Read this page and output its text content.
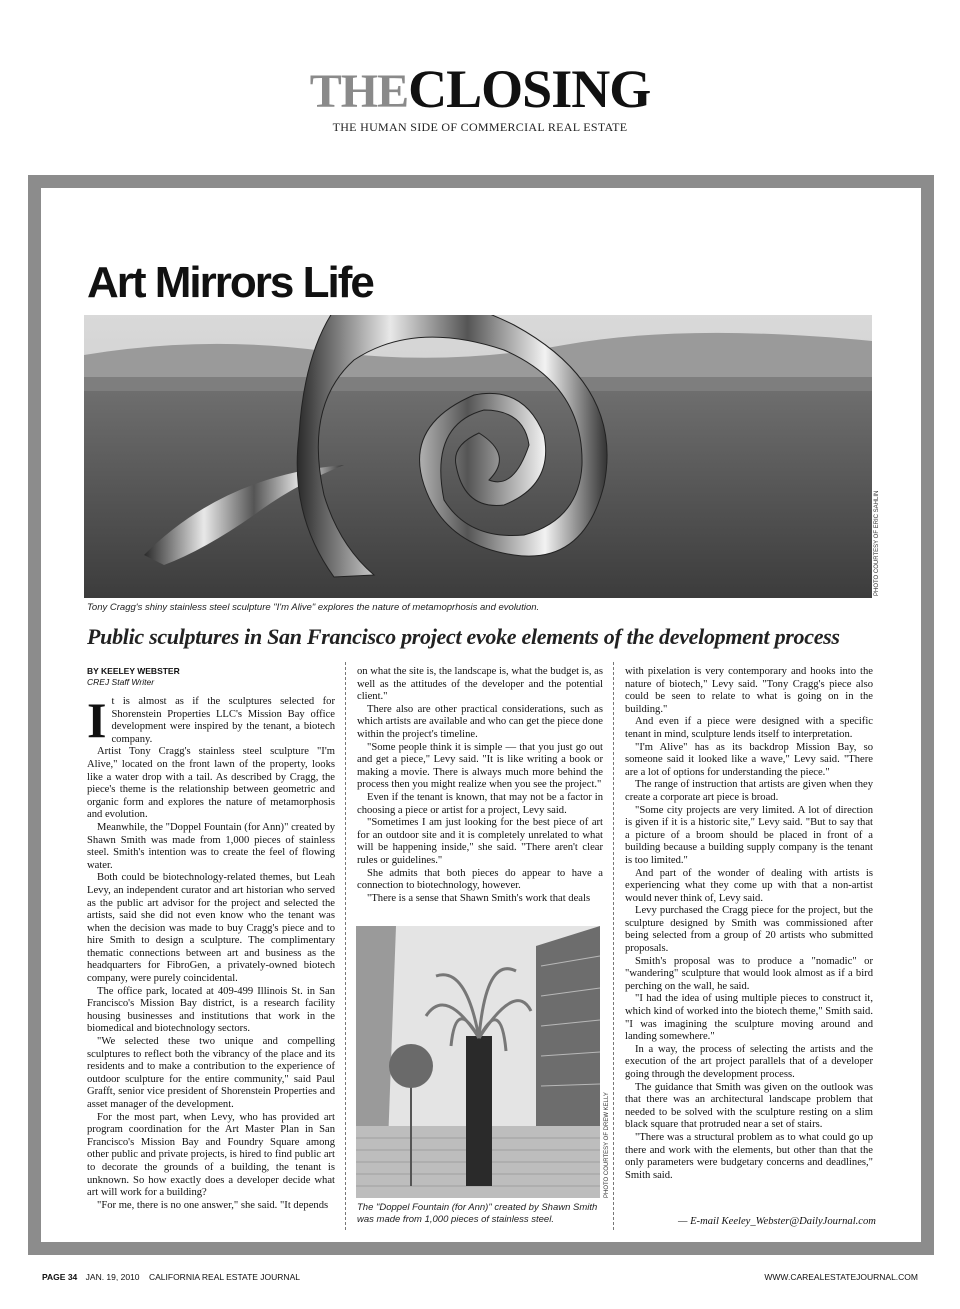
THECLOSING
THE HUMAN SIDE OF COMMERCIAL REAL ESTATE
PHOTO COURTESY OF ERIC SAHLIN
Tony Cragg's shiny stainless steel sculpture "I'm Alive" explores the nature of metamoprhosis and evolution.
Art Mirrors Life
Public sculptures in San Francisco project evoke elements of the development process
BY KEELEY WEBSTER
CREJ Staff Writer

It is almost as if the sculptures selected for Shorenstein Properties LLC's Mission Bay office development were inspired by the tenant, a biotech company.

Artist Tony Cragg's stainless steel sculpture "I'm Alive," located on the front lawn of the property, looks like a water drop with a tail. As described by Cragg, the piece's theme is the relationship between geometric and organic form and explores the nature of metamorphosis and evolution.

Meanwhile, the "Doppel Fountain (for Ann)" created by Shawn Smith was made from 1,000 pieces of stainless steel. Smith's intention was to create the feel of flowing water.

Both could be biotechnology-related themes, but Leah Levy, an independent curator and art historian who served as the public art advisor for the project and selected the artists, said she did not even know who the tenant was when the decision was made to buy Cragg's piece and to hire Smith to design a sculpture. The complimentary thematic connections between art and business as the headquarters for FibroGen, a privately-owned biotech company, were purely coincidental.

The office park, located at 409-499 Illinois St. in San Francisco's Mission Bay district, is a research facility housing businesses and institutions that work in the biomedical and biotechnology sectors.

"We selected these two unique and compelling sculptures to reflect both the vibrancy of the place and its residents and to make a contribution to the experience of outdoor sculpture for the entire community," said Paul Grafft, senior vice president of Shorenstein Properties and asset manager of the development.

For the most part, when Levy, who has provided art program coordination for the Art Master Plan in San Francisco's Mission Bay and Foundry Square among other public and private projects, is hired to find public art to decorate the grounds of a building, the tenant is unknown. So how exactly does a developer decide what art will work for a building?

"For me, there is no one answer," she said. "It depends

on what the site is, the landscape is, what the budget is, as well as the attitudes of the developer and the potential client."

There also are other practical considerations, such as which artists are available and who can get the piece done within the project's timeline.

"Some people think it is simple — that you just go out and get a piece," Levy said. "It is like writing a book or making a movie. There is always much more behind the process then you might realize when you see the project."

Even if the tenant is known, that may not be a factor in choosing a piece or artist for a project, Levy said.

"Sometimes I am just looking for the best piece of art for an outdoor site and it is completely unrelated to what will be happening inside," she said. "There aren't clear rules or guidelines."

She admits that both pieces do appear to have a connection to biotechnology, however.

"There is a sense that Shawn Smith's work that deals

PHOTO COURTESY OF DREW KELLY
The "Doppel Fountain (for Ann)" created by Shawn Smith was made from 1,000 pieces of stainless steel.

with pixelation is very contemporary and hooks into the nature of biotech," Levy said. "Tony Cragg's piece also could be seen to relate to what is going on in the building."

And even if a piece were designed with a specific tenant in mind, sculpture lends itself to interpretation.

"I'm Alive" has as its backdrop Mission Bay, so someone said it looked like a wave," Levy said. "There are a lot of options for understanding the piece."

The range of instruction that artists are given when they create a corporate art piece is broad.

"Some city projects are very limited. A lot of direction is given if it is a historic site," Levy said. "But to say that a picture of a broom should be placed in front of a building because a building supply company is the tenant is too limited."

And part of the wonder of dealing with artists is experiencing what they come up with that a non-artist would never think of, Levy said.

Levy purchased the Cragg piece for the project, but the sculpture designed by Smith was commissioned after being selected from a group of 20 artists who submitted proposals.

Smith's proposal was to produce a "nomadic" or "wandering" sculpture that would look almost as if a bird perching on the wall, he said.

"I had the idea of using multiple pieces to construct it, which kind of worked into the biotech theme," Smith said. "I was imagining the sculpture moving around and landing somewhere."

In a way, the process of selecting the artists and the execution of the art project parallels that of a developer going through the development process.

The guidance that Smith was given on the outlook was that there was an architectural landscape problem that needed to be solved with the sculpture resting on a slim black square that protruded near a set of stairs.

"There was a structural problem as to what could go up there and work with the elements, but other than that the only parameters were budgetary concerns and deadlines," Smith said.

— E-mail Keeley_Webster@DailyJournal.com
PAGE 34 JAN. 19, 2010 CALIFORNIA REAL ESTATE JOURNAL	WWW.CAREALESTATEJOURNAL.COM
